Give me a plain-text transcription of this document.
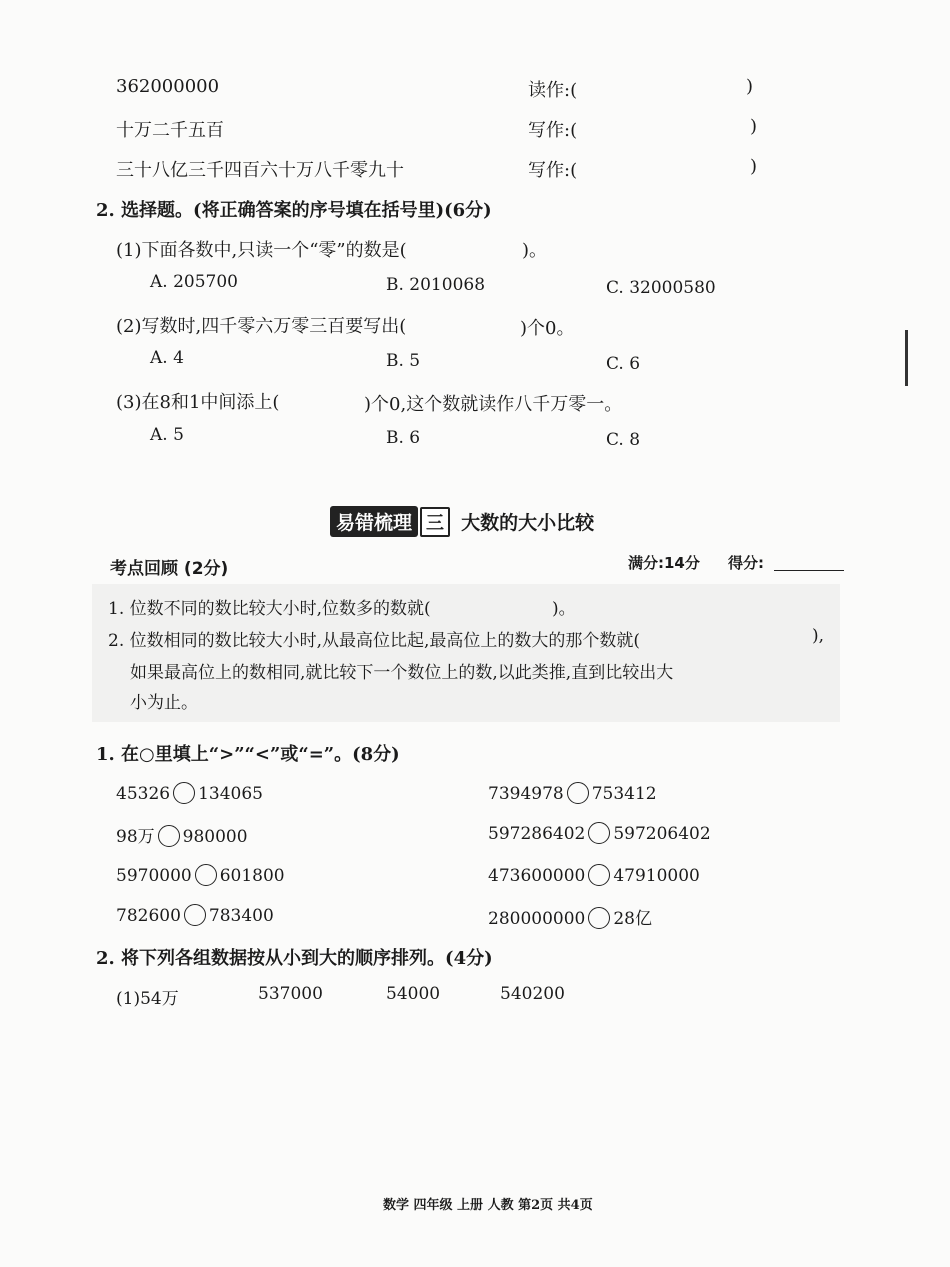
362000000	读作:(	)
十万二千五百	写作:(	)
三十八亿三千四百六十万八千零九十	写作:(	)
2. 选择题。(将正确答案的序号填在括号里)(6分)
(1)下面各数中,只读一个“零”的数是(	)。
A. 205700	B. 2010068	C. 32000580
(2)写数时,四千零六万零三百要写出(	)个0。
A. 4	B. 5	C. 6
(3)在8和1中间添上(	)个0,这个数就读作八千万零一。
A. 5	B. 6	C. 8
易错梳理 三 大数的大小比较
考点回顾 (2分)	满分:14分 得分:
1. 位数不同的数比较大小时,位数多的数就(	)。
2. 位数相同的数比较大小时,从最高位比起,最高位上的数大的那个数就(	),
如果最高位上的数相同,就比较下一个数位上的数,以此类推,直到比较出大
小为止。
1. 在○里填上“>”“<”或“=”。(8分)
45326 134065	7394978 753412
98万 980000	597286402 597206402
5970000 601800	473600000 47910000
782600 783400	280000000 28亿
2. 将下列各组数据按从小到大的顺序排列。(4分)
(1)54万	537000	54000	540200
数学 四年级 上册 人教 第2页 共4页
